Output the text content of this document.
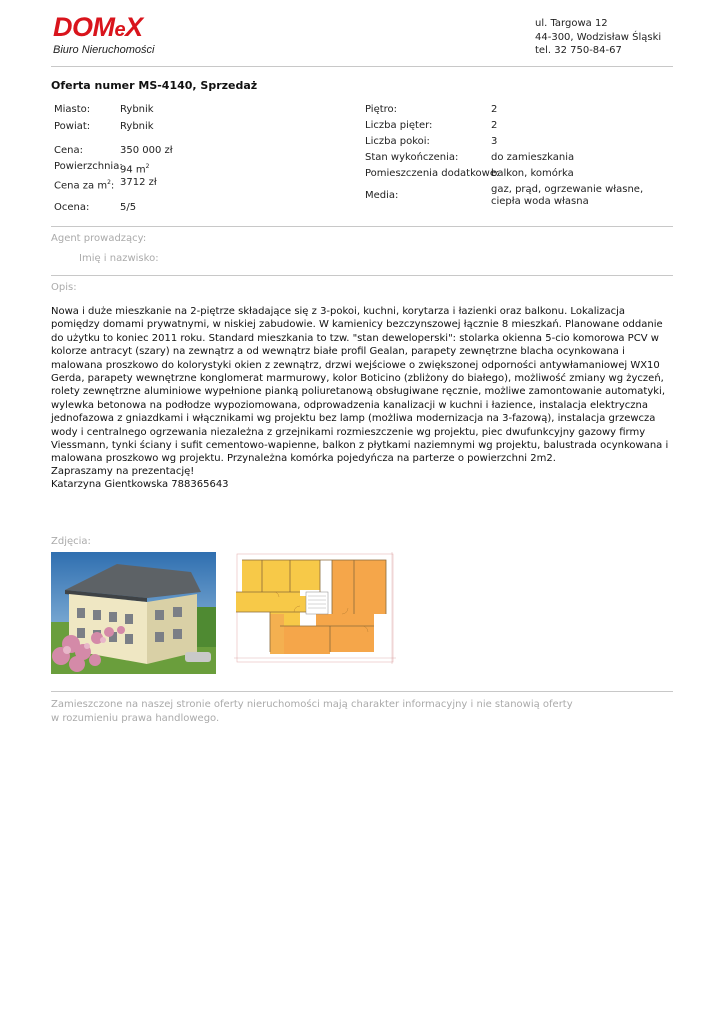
DOMeX
Biuro Nieruchomości
ul. Targowa 12
44-300, Wodzisław Śląski
tel. 32 750-84-67
Oferta numer MS-4140, Sprzedaż
Miasto:	Rybnik
Powiat:	Rybnik
Cena:	350 000 zł
Powierzchnia:
94 $m^2$
Cena za $m^2$: 3712 zł
Ocena:	5/5
Piętro:	2
Liczba pięter:	2
Liczba pokoi:	3
Stan wykończenia:	do zamieszkania
Pomieszczenia dodatkowe:
balkon, komórka
Media:
gaz, prąd, ogrzewanie własne, ciepła woda własna
Agent prowadzący:
Imię i nazwisko:
Opis:
Nowa i duże mieszkanie na 2-piętrze składające się z 3-pokoi, kuchni, korytarza i łazienki oraz balkonu. Lokalizacja pomiędzy domami prywatnymi, w niskiej zabudowie. W kamienicy bezczynszowej łącznie 8 mieszkań. Planowane oddanie do użytku to koniec 2011 roku. Standard mieszkania to tzw. "stan deweloperski": stolarka okienna 5-cio komorowa PCV w kolorze antracyt (szary) na zewnątrz a od wewnątrz białe profil Gealan, parapety zewnętrzne blacha ocynkowana i malowana proszkowo do kolorystyki okien z zewnątrz, drzwi wejściowe o zwiększonej odporności antywłamaniowej WX10 Gerda, parapety wewnętrzne konglomerat marmurowy, kolor Boticino (zbliżony do białego), możliwość zmiany wg życzeń, rolety zewnętrzne aluminiowe wypełnione pianką poliuretanową obsługiwane ręcznie, możliwe zamontowanie automatyki, wylewka betonowa na podłodze wypoziomowana, odprowadzenia kanalizacji w kuchni i łazience, instalacja elektryczna jednofazowa z gniazdkami i włącznikami wg projektu bez lamp (możliwa modernizacja na 3-fazową), instalacja grzewcza wody i centralnego ogrzewania niezależna z grzejnikami rozmieszczenie wg projektu, piec dwufunkcyjny gazowy firmy Viessmann, tynki ściany i sufit cementowo-wapienne, balkon z płytkami naziemnymi wg projektu, balustrada ocynkowana i malowana proszkowo wg projektu. Przynależna komórka pojedyńcza na parterze o powierzchni 2m2.
Zapraszamy na prezentację!
Katarzyna Gientkowska 788365643
Zdjęcia:
Zamieszczone na naszej stronie oferty nieruchomości mają charakter informacyjny i nie stanowią oferty
w rozumieniu prawa handlowego.
